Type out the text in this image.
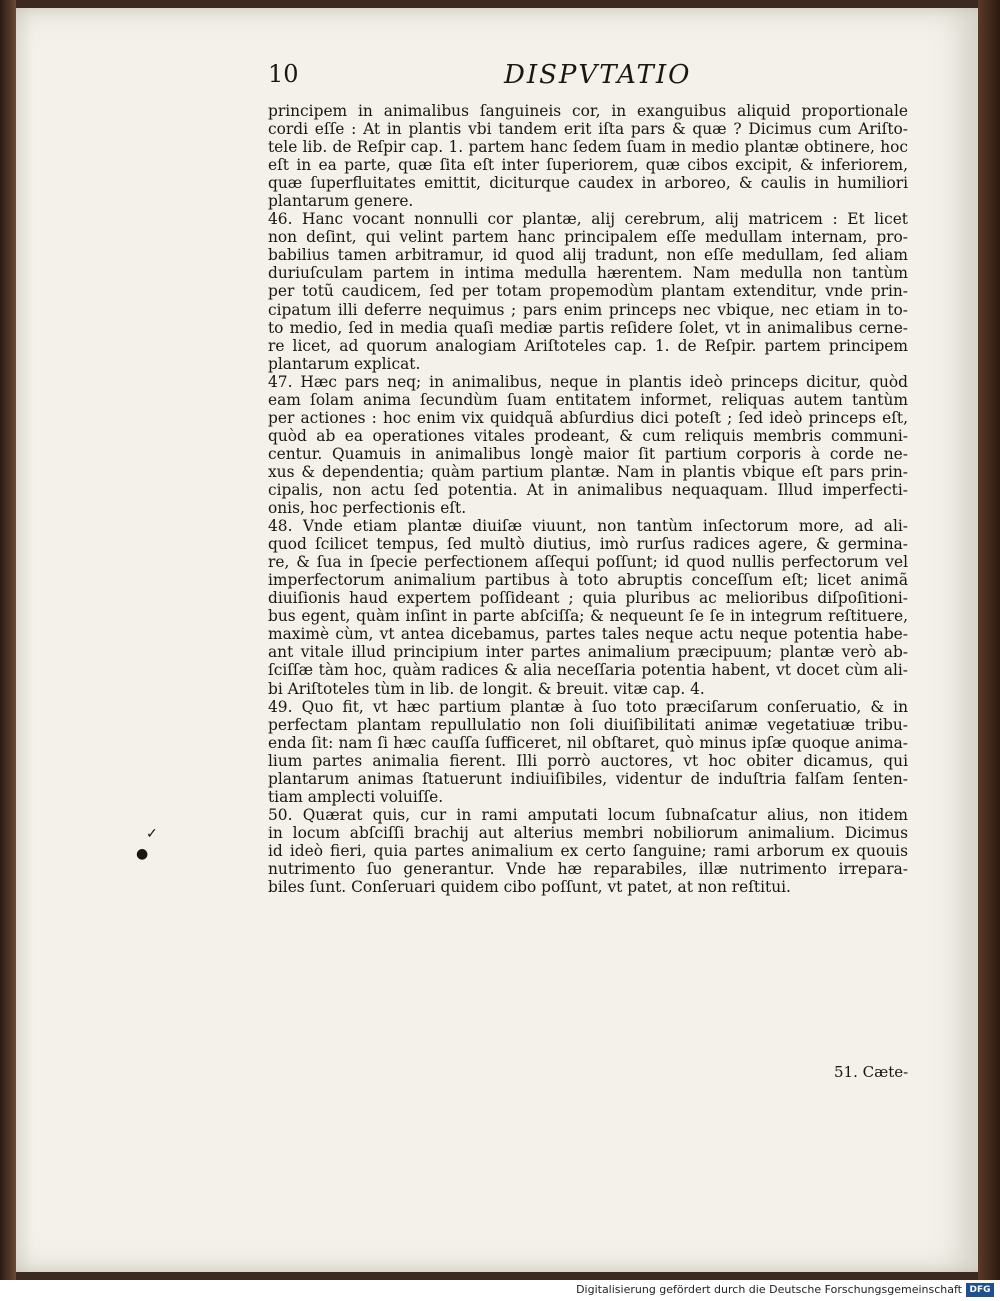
10	DISPVTATIO
principem in animalibus ſanguineis cor, in exanguibus aliquid proportionale
cordi eſſe : At in plantis vbi tandem erit iſta pars & quæ ? Dicimus cum Ariſto-
tele lib. de Reſpir cap. 1. partem hanc ſedem ſuam in medio plantæ obtinere, hoc
eſt in ea parte, quæ ſita eſt inter ſuperiorem, quæ cibos excipit, & inferiorem,
quæ ſuperfluitates emittit, diciturque caudex in arboreo, & caulis in humiliori
plantarum genere.
46. Hanc vocant nonnulli cor plantæ, alij cerebrum, alij matricem : Et licet
non deſint, qui velint partem hanc principalem eſſe medullam internam, pro-
babilius tamen arbitramur, id quod alij tradunt, non eſſe medullam, ſed aliam
duriuſculam partem in intima medulla hærentem. Nam medulla non tantùm
per totũ caudicem, ſed per totam propemodùm plantam extenditur, vnde prin-
cipatum illi deferre nequimus ; pars enim princeps nec vbique, nec etiam in to-
to medio, ſed in media quaſi mediæ partis reſidere ſolet, vt in animalibus cerne-
re licet, ad quorum analogiam Ariſtoteles cap. 1. de Reſpir. partem principem
plantarum explicat.
47. Hæc pars neq; in animalibus, neque in plantis ideò princeps dicitur, quòd
eam ſolam anima ſecundùm ſuam entitatem informet, reliquas autem tantùm
per actiones : hoc enim vix quidquã abſurdius dici poteſt ; ſed ideò princeps eſt,
quòd ab ea operationes vitales prodeant, & cum reliquis membris communi-
centur. Quamuis in animalibus longè maior ſit partium corporis à corde ne-
xus & dependentia; quàm partium plantæ. Nam in plantis vbique eſt pars prin-
cipalis, non actu ſed potentia. At in animalibus nequaquam. Illud imperfecti-
onis, hoc perfectionis eſt.
48. Vnde etiam plantæ diuiſæ viuunt, non tantùm inſectorum more, ad ali-
quod ſcilicet tempus, ſed multò diutius, imò rurſus radices agere, & germina-
re, & ſua in ſpecie perfectionem aſſequi poſſunt; id quod nullis perfectorum vel
imperfectorum animalium partibus à toto abruptis conceſſum eſt; licet animã
diuiſionis haud expertem poſſideant ; quia pluribus ac melioribus diſpoſitioni-
bus egent, quàm inſint in parte abſciſſa; & nequeunt ſe ſe in integrum reſtituere,
maximè cùm, vt antea dicebamus, partes tales neque actu neque potentia habe-
ant vitale illud principium inter partes animalium præcipuum; plantæ verò ab-
ſciſſæ tàm hoc, quàm radices & alia neceſſaria potentia habent, vt docet cùm ali-
bi Ariſtoteles tùm in lib. de longit. & breuit. vitæ cap. 4.
49. Quo fit, vt hæc partium plantæ à ſuo toto præciſarum conſeruatio, & in
perfectam plantam repullulatio non ſoli diuiſibilitati animæ vegetatiuæ tribu-
enda ſit: nam ſi hæc cauſſa ſufficeret, nil obſtaret, quò minus ipſæ quoque anima-
lium partes animalia fierent. Illi porrò auctores, vt hoc obiter dicamus, qui
plantarum animas ſtatuerunt indiuiſibiles, videntur de induſtria falſam ſenten-
tiam amplecti voluiſſe.
50. Quærat quis, cur in rami amputati locum ſubnaſcatur alius, non itidem
in locum abſciſſi brachij aut alterius membri nobiliorum animalium. Dicimus
id ideò fieri, quia partes animalium ex certo ſanguine; rami arborum ex quouis
nutrimento ſuo generantur. Vnde hæ reparabiles, illæ nutrimento irrepara-
biles ſunt. Conſeruari quidem cibo poſſunt, vt patet, at non reſtitui.
✓
●
51. Cæte-
Digitalisierung gefördert durch die Deutsche Forschungsgemeinschaft DFG
